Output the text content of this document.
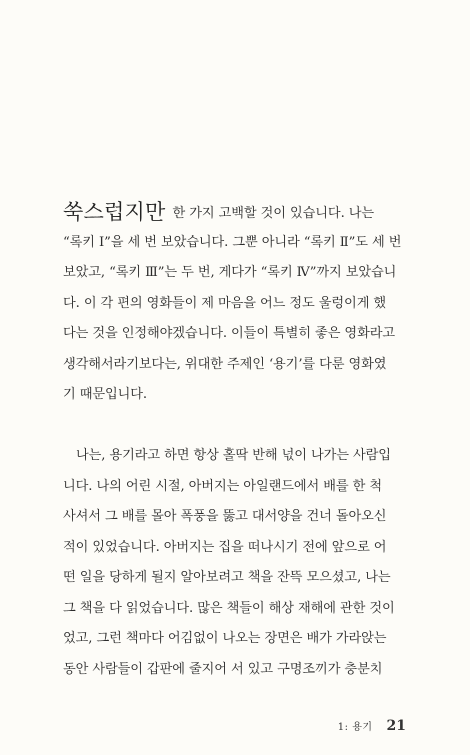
쑥스럽지만 한 가지 고백할 것이 있습니다. 나는
“록키 Ⅰ”을 세 번 보았습니다. 그뿐 아니라 “록키 Ⅱ”도 세 번
보았고, “록키 Ⅲ”는 두 번, 게다가 “록키 Ⅳ”까지 보았습니
다. 이 각 편의 영화들이 제 마음을 어느 정도 울렁이게 했
다는 것을 인정해야겠습니다. 이들이 특별히 좋은 영화라고
생각해서라기보다는, 위대한 주제인 ‘용기’를 다룬 영화였
기 때문입니다.
나는, 용기라고 하면 항상 홀딱 반해 넋이 나가는 사람입
니다. 나의 어린 시절, 아버지는 아일랜드에서 배를 한 척
사셔서 그 배를 몰아 폭풍을 뚫고 대서양을 건너 돌아오신
적이 있었습니다. 아버지는 집을 떠나시기 전에 앞으로 어
떤 일을 당하게 될지 알아보려고 책을 잔뜩 모으셨고, 나는
그 책을 다 읽었습니다. 많은 책들이 해상 재해에 관한 것이
었고, 그런 책마다 어김없이 나오는 장면은 배가 가라앉는
동안 사람들이 갑판에 줄지어 서 있고 구명조끼가 충분치
1: 용기 21
